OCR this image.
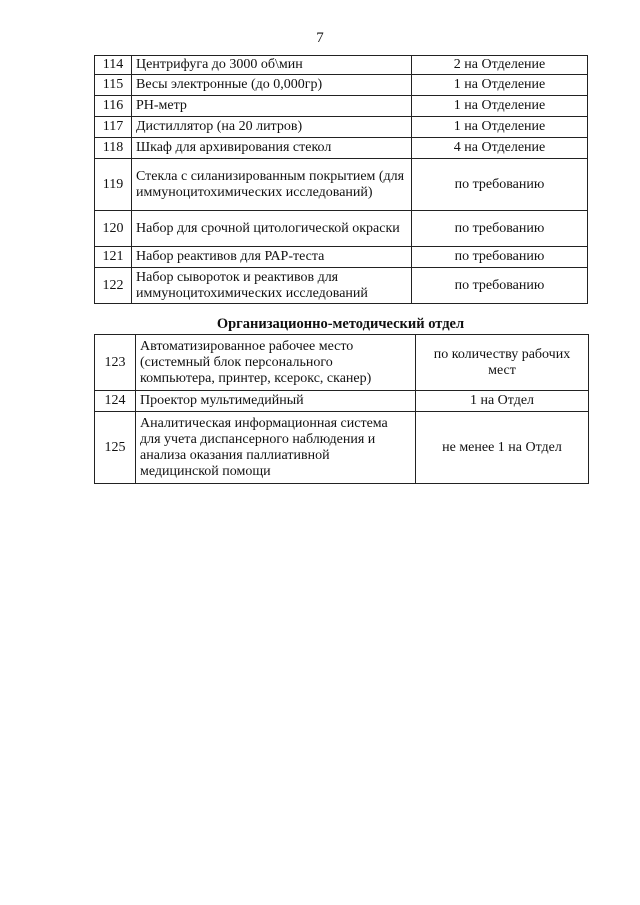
7
114	Центрифуга до 3000 об\мин	2 на Отделение
115	Весы электронные (до 0,000гр)	1 на Отделение
116	РН-метр	1 на Отделение
117	Дистиллятор (на 20 литров)	1 на Отделение
118	Шкаф для архивирования стекол	4 на Отделение
119	Стекла с силанизированным покрытием (для иммуноцитохимических исследований)	по требованию
120	Набор для срочной цитологической окраски	по требованию
121	Набор реактивов для РАР-теста	по требованию
122	Набор сывороток и реактивов для иммуноцитохимических исследований	по требованию
Организационно-методический отдел
123	Автоматизированное рабочее место (системный блок персонального компьютера, принтер, ксерокс, сканер)	по количеству рабочих мест
124	Проектор мультимедийный	1 на Отдел
125	Аналитическая информационная система для учета диспансерного наблюдения и анализа оказания паллиативной медицинской помощи	не менее 1 на Отдел
